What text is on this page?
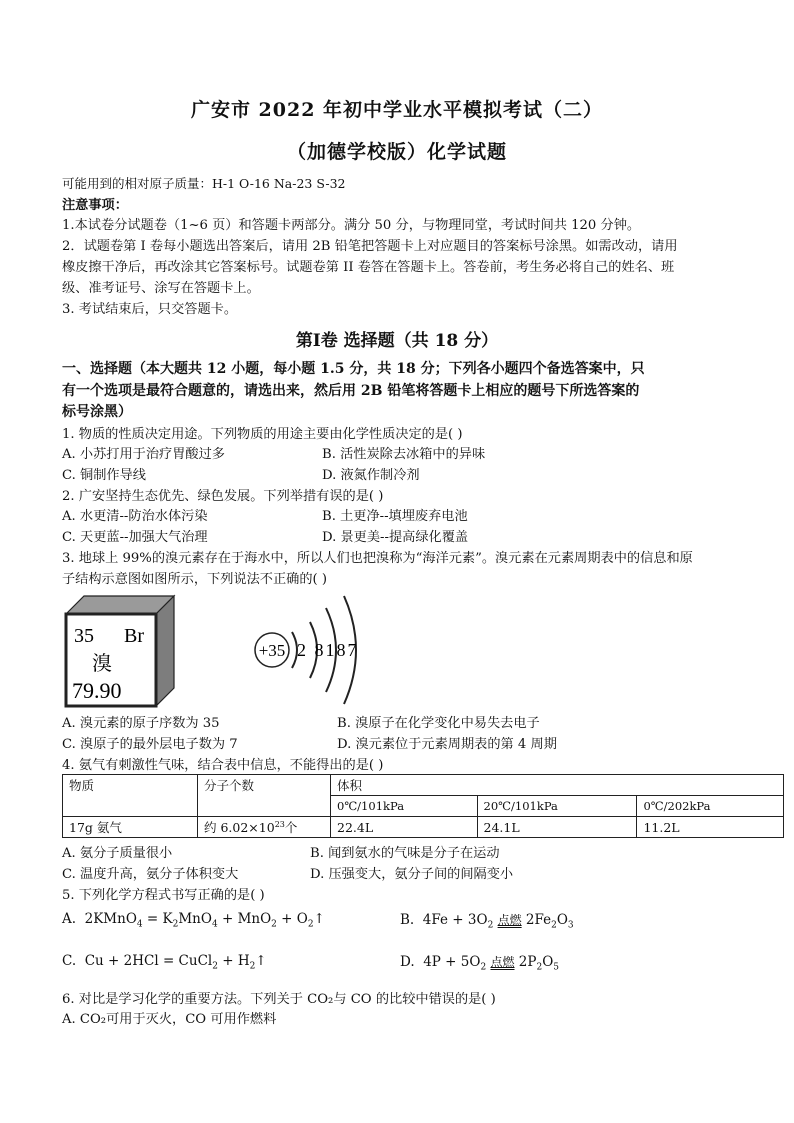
广安市 2022 年初中学业水平模拟考试（二）
（加德学校版）化学试题
可能用到的相对原子质量：H-1 O-16 Na-23 S-32
注意事项：
1.本试卷分试题卷（1~6 页）和答题卡两部分。满分 50 分，与物理同堂，考试时间共 120 分钟。
2．试题卷第 I 卷每小题选出答案后，请用 2B 铅笔把答题卡上对应题目的答案标号涂黑。如需改动，请用
橡皮擦干净后，再改涂其它答案标号。试题卷第 II 卷答在答题卡上。答卷前，考生务必将自己的姓名、班
级、准考证号、涂写在答题卡上。
3. 考试结束后，只交答题卡。
第Ⅰ卷 选择题（共 18 分）
一、选择题（本大题共 12 小题，每小题 1.5 分，共 18 分；下列各小题四个备选答案中，只
有一个选项是最符合题意的，请选出来，然后用 2B 铅笔将答题卡上相应的题号下所选答案的
标号涂黑）
1. 物质的性质决定用途。下列物质的用途主要由化学性质决定的是( )
A. 小苏打用于治疗胃酸过多	B. 活性炭除去冰箱中的异味
C. 铜制作导线	D. 液氮作制冷剂
2. 广安坚持生态优先、绿色发展。下列举措有误的是( )
A. 水更清--防治水体污染	B. 土更净--填埋废弃电池
C. 天更蓝--加强大气治理	D. 景更美--提高绿化覆盖
3. 地球上 99%的溴元素存在于海水中，所以人们也把溴称为“海洋元素”。溴元素在元素周期表中的信息和原
子结构示意图如图所示，下列说法不正确的( )
35 Br
溴
79.90
+35 2 8187
A. 溴元素的原子序数为 35	B. 溴原子在化学变化中易失去电子
C. 溴原子的最外层电子数为 7	D. 溴元素位于元素周期表的第 4 周期
4. 氨气有刺激性气味，结合表中信息，不能得出的是( )
物质	分子个数	体积		
		0℃/101kPa	20℃/101kPa	0℃/202kPa
17g 氨气	约 $6.02\times 10^{23}$个	22.4L	24.1L	11.2L
A. 氨分子质量很小	B. 闻到氨水的气味是分子在运动
C. 温度升高，氨分子体积变大	D. 压强变大，氨分子间的间隔变小
5. 下列化学方程式书写正确的是( )
A.  2KMnO$_4$ = $K_2MnO_4 + MnO_2$ + $O_2↑$	B.  $4Fe + 3O_2$ 点燃 $2Fe_2O_3$
C.  Cu + 2HCl = CuCl$_2$ + $H_2↑$	D.  $4P + 5O_2$ 点燃 $2P_2O_5$
6. 对比是学习化学的重要方法。下列关于 CO₂与 CO 的比较中错误的是( )
A. CO₂可用于灭火，CO 可用作燃料
